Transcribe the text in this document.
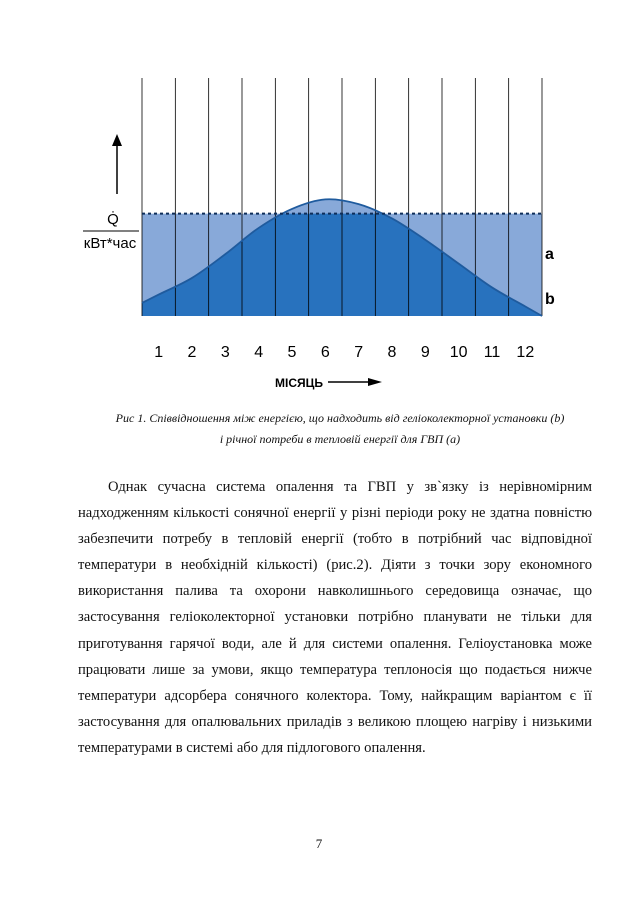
1 2 3 4 5 6 7 8 9 10 11 12
Q̇
кВт*час
МІСЯЦЬ
a
b
Рис 1. Співвідношення між енергією, що надходить від геліоколекторної установки (b)
і річної потреби в тепловій енергії для ГВП (а)

Однак сучасна система опалення та ГВП у зв`язку із нерівномірним надходженням кількості сонячної енергії у різні періоди року не здатна повністю забезпечити потребу в тепловій енергії (тобто в потрібний час відповідної температури в необхідній кількості) (рис.2). Діяти з точки зору економного використання палива та охорони навколишнього середовища означає, що застосування геліоколекторної установки потрібно планувати не тільки для приготування гарячої води, але й для системи опалення. Геліоустановка може працювати лише за умови, якщо температура теплоносія що подається нижче температури адсорбера сонячного колектора. Тому, найкращим варіантом є її застосування для опалювальних приладів з великою площею нагріву і низькими температурами в системі або для підлогового опалення.

7
